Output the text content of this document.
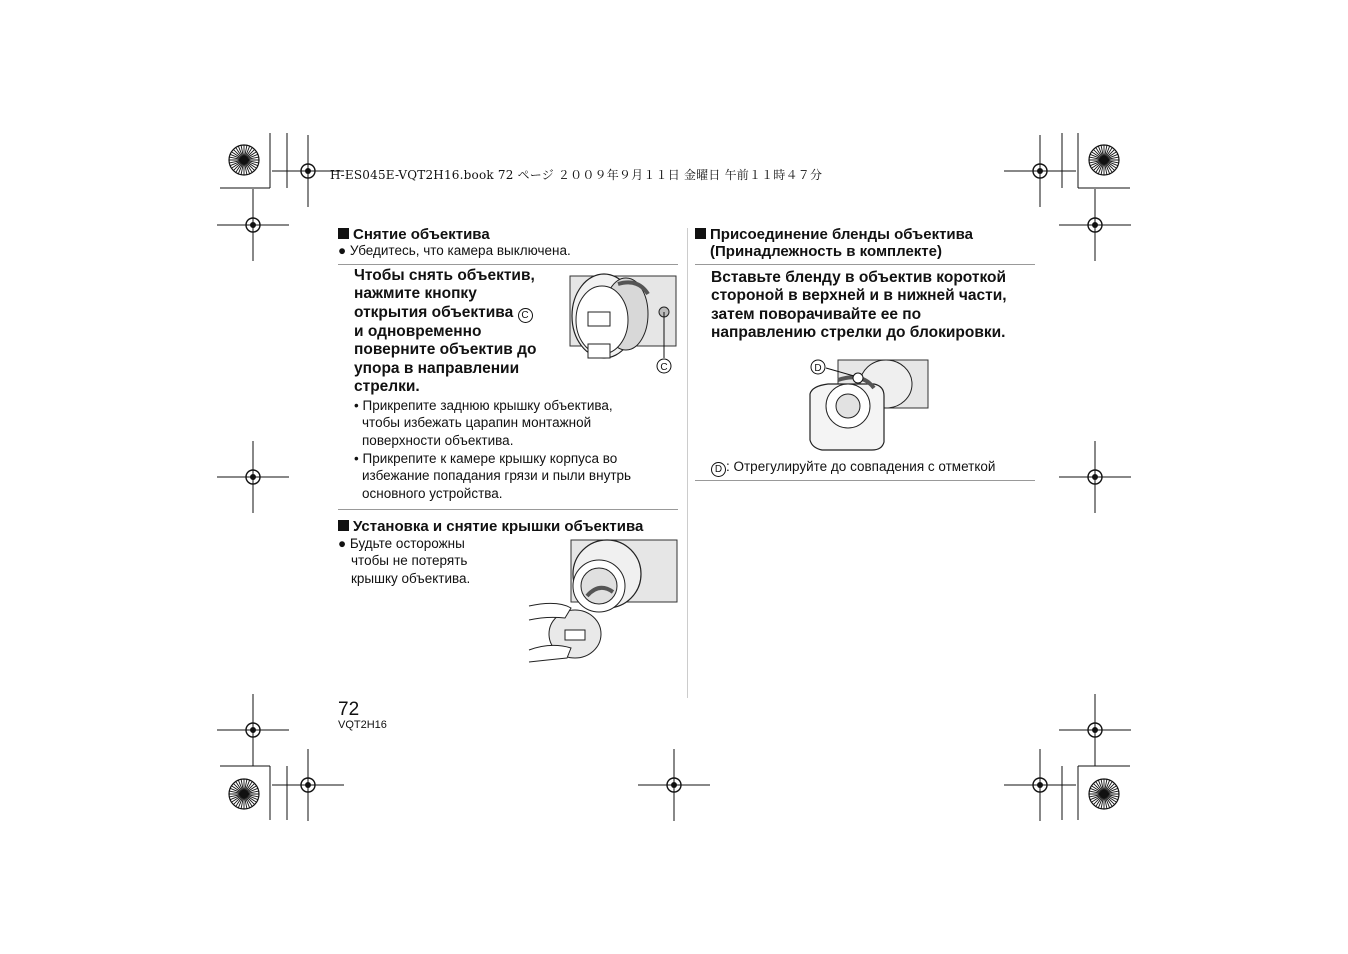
H-ES045E-VQT2H16.book 72 ページ ２００９年９月１１日 金曜日 午前１１時４７分
Снятие объектива
● Убедитесь, что камера выключена.
Чтобы снять объектив,
нажмите кнопку
открытия объектива C
и одновременно
поверните объектив до
упора в направлении
стрелки.
C
• Прикрепите заднюю крышку объектива,
чтобы избежать царапин монтажной
поверхности объектива.
• Прикрепите к камере крышку корпуса во
избежание попадания грязи и пыли внутрь
основного устройства.
Установка и снятие крышки объектива
● Будьте осторожны
чтобы не потерять
крышку объектива.
Присоединение бленды объектива
(Принадлежность в комплекте)
Вставьте бленду в объектив короткой
стороной в верхней и в нижней части,
затем поворачивайте ее по
направлению стрелки до блокировки.
D
D : Отрегулируйте до совпадения с отметкой
72
VQT2H16
